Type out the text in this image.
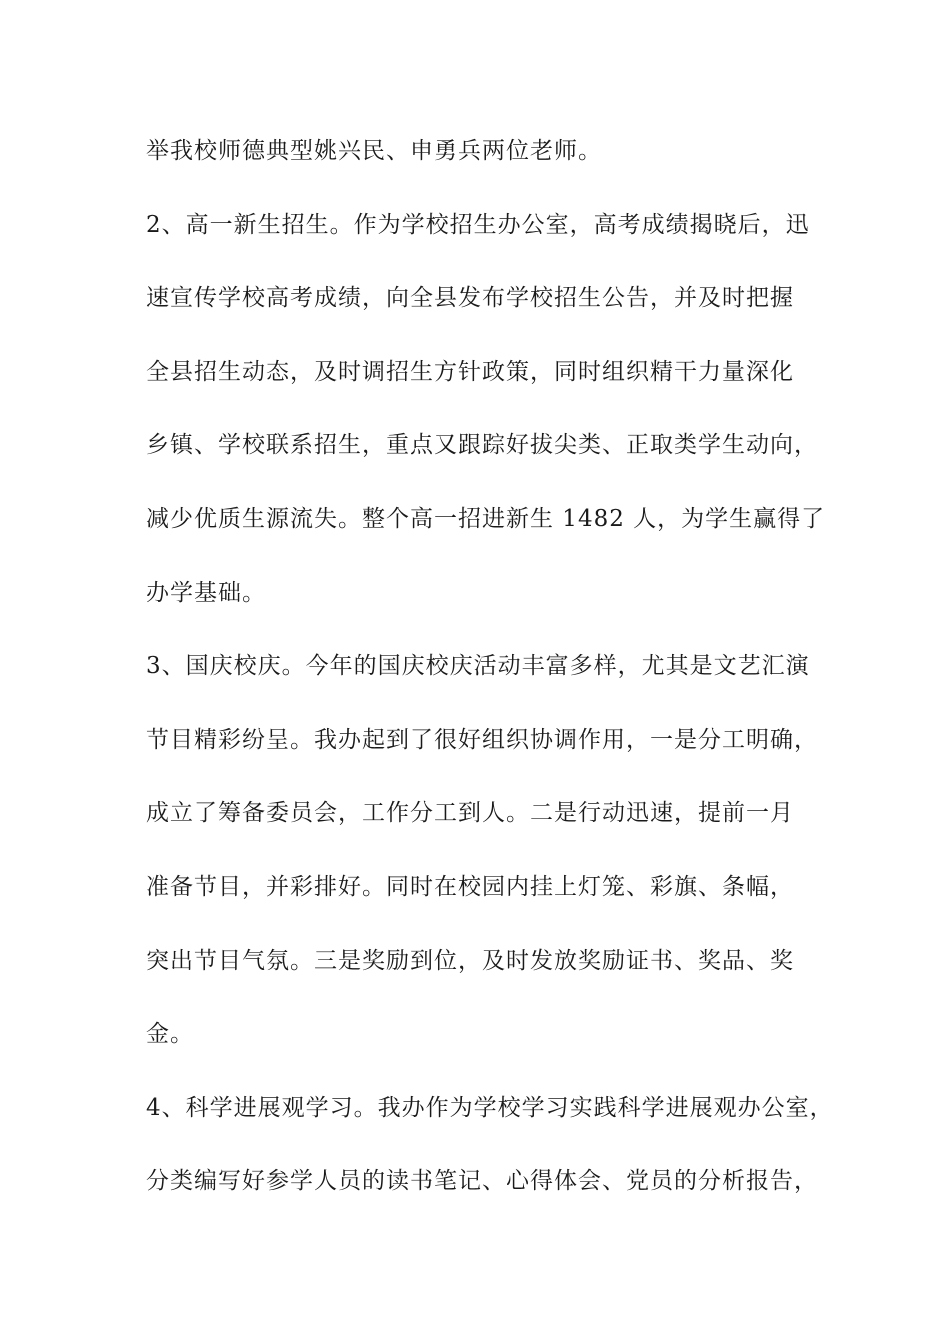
举我校师德典型姚兴民、申勇兵两位老师。
2、高一新生招生。作为学校招生办公室，高考成绩揭晓后，迅
速宣传学校高考成绩，向全县发布学校招生公告，并及时把握
全县招生动态，及时调招生方针政策，同时组织精干力量深化
乡镇、学校联系招生，重点又跟踪好拔尖类、正取类学生动向，
减少优质生源流失。整个高一招进新生 1482 人，为学生赢得了
办学基础。
3、国庆校庆。今年的国庆校庆活动丰富多样，尤其是文艺汇演
节目精彩纷呈。我办起到了很好组织协调作用，一是分工明确，
成立了筹备委员会，工作分工到人。二是行动迅速，提前一月
准备节目，并彩排好。同时在校园内挂上灯笼、彩旗、条幅，
突出节目气氛。三是奖励到位，及时发放奖励证书、奖品、奖
金。
4、科学进展观学习。我办作为学校学习实践科学进展观办公室，
分类编写好参学人员的读书笔记、心得体会、党员的分析报告，
